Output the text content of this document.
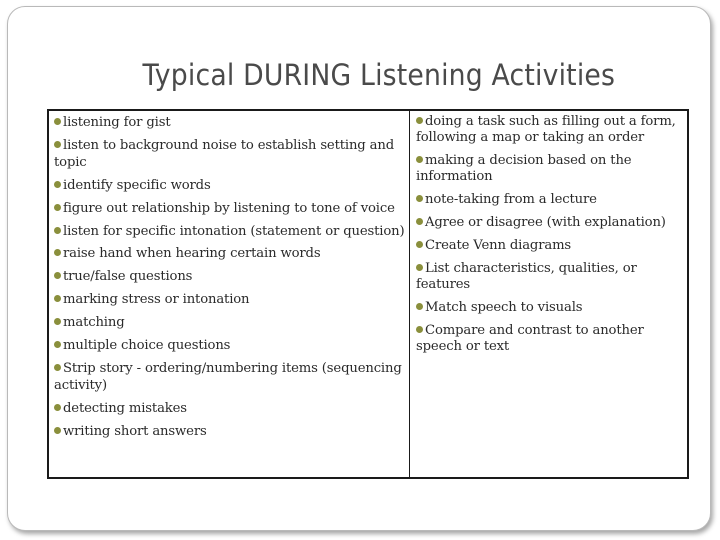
Typical DURING Listening Activities
listening for gist
listen to background noise to establish setting and topic
identify specific words
figure out relationship by listening to tone of voice
listen for specific intonation (statement or question)
raise hand when hearing certain words
true/false questions
marking stress or intonation
matching
multiple choice questions
Strip story - ordering/numbering items (sequencing activity)
detecting mistakes
writing short answers
doing a task such as filling out a form, following a map or taking an order
making a decision based on the information
note-taking from a lecture
Agree or disagree (with explanation)
Create Venn diagrams
List characteristics, qualities, or features
Match speech to visuals
Compare and contrast to another speech or text
